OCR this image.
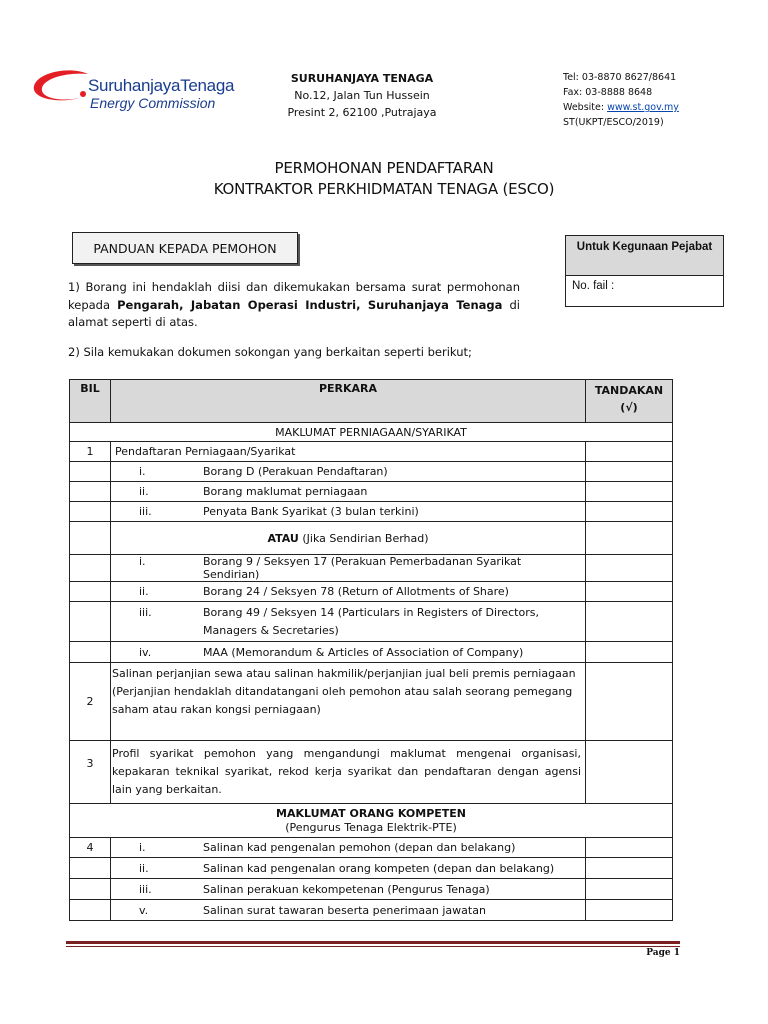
SuruhanjayaTenaga
Energy Commission
SURUHANJAYA TENAGA
No.12, Jalan Tun Hussein
Presint 2, 62100 ,Putrajaya
Tel: 03-8870 8627/8641
Fax: 03-8888 8648
Website: www.st.gov.my
ST(UKPT/ESCO/2019)
PERMOHONAN PENDAFTARAN
KONTRAKTOR PERKHIDMATAN TENAGA (ESCO)
PANDUAN KEPADA PEMOHON	Untuk Kegunaan Pejabat
No. fail :
1) Borang ini hendaklah diisi dan dikemukakan bersama surat permohonan kepada Pengarah, Jabatan Operasi Industri, Suruhanjaya Tenaga di alamat seperti di atas.
2) Sila kemukakan dokumen sokongan yang berkaitan seperti berikut;
BIL	PERKARA	TANDAKAN
(√)
MAKLUMAT PERNIAGAAN/SYARIKAT		
1	Pendaftaran Perniagaan/Syarikat	

	i. Borang D (Perakuan Pendaftaran)	

	ii. Borang maklumat perniagaan	

	iii. Penyata Bank Syarikat (3 bulan terkini)	

	ATAU (Jika Sendirian Berhad)	

	i. Borang 9 / Seksyen 17 (Perakuan Pemerbadanan Syarikat Sendirian)	

	ii. Borang 24 / Seksyen 78 (Return of Allotments of Share)	

	iii. Borang 49 / Seksyen 14 (Particulars in Registers of Directors, Managers & Secretaries)	

	iv. MAA (Memorandum & Articles of Association of Company)	

2	Salinan perjanjian sewa atau salinan hakmilik/perjanjian jual beli premis perniagaan (Perjanjian hendaklah ditandatangani oleh pemohon atau salah seorang pemegang saham atau rakan kongsi perniagaan)	
3	Profil syarikat pemohon yang mengandungi maklumat mengenai organisasi, kepakaran teknikal syarikat, rekod kerja syarikat dan pendaftaran dengan agensi lain yang berkaitan.	

MAKLUMAT ORANG KOMPETEN
(Pengurus Tenaga Elektrik-PTE)		

4	i. Salinan kad pengenalan pemohon (depan dan belakang)	

	ii. Salinan kad pengenalan orang kompeten (depan dan belakang)	

	iii. Salinan perakuan kekompetenan (Pengurus Tenaga)	

	v. Salinan surat tawaran beserta penerimaan jawatan	

Page 1
